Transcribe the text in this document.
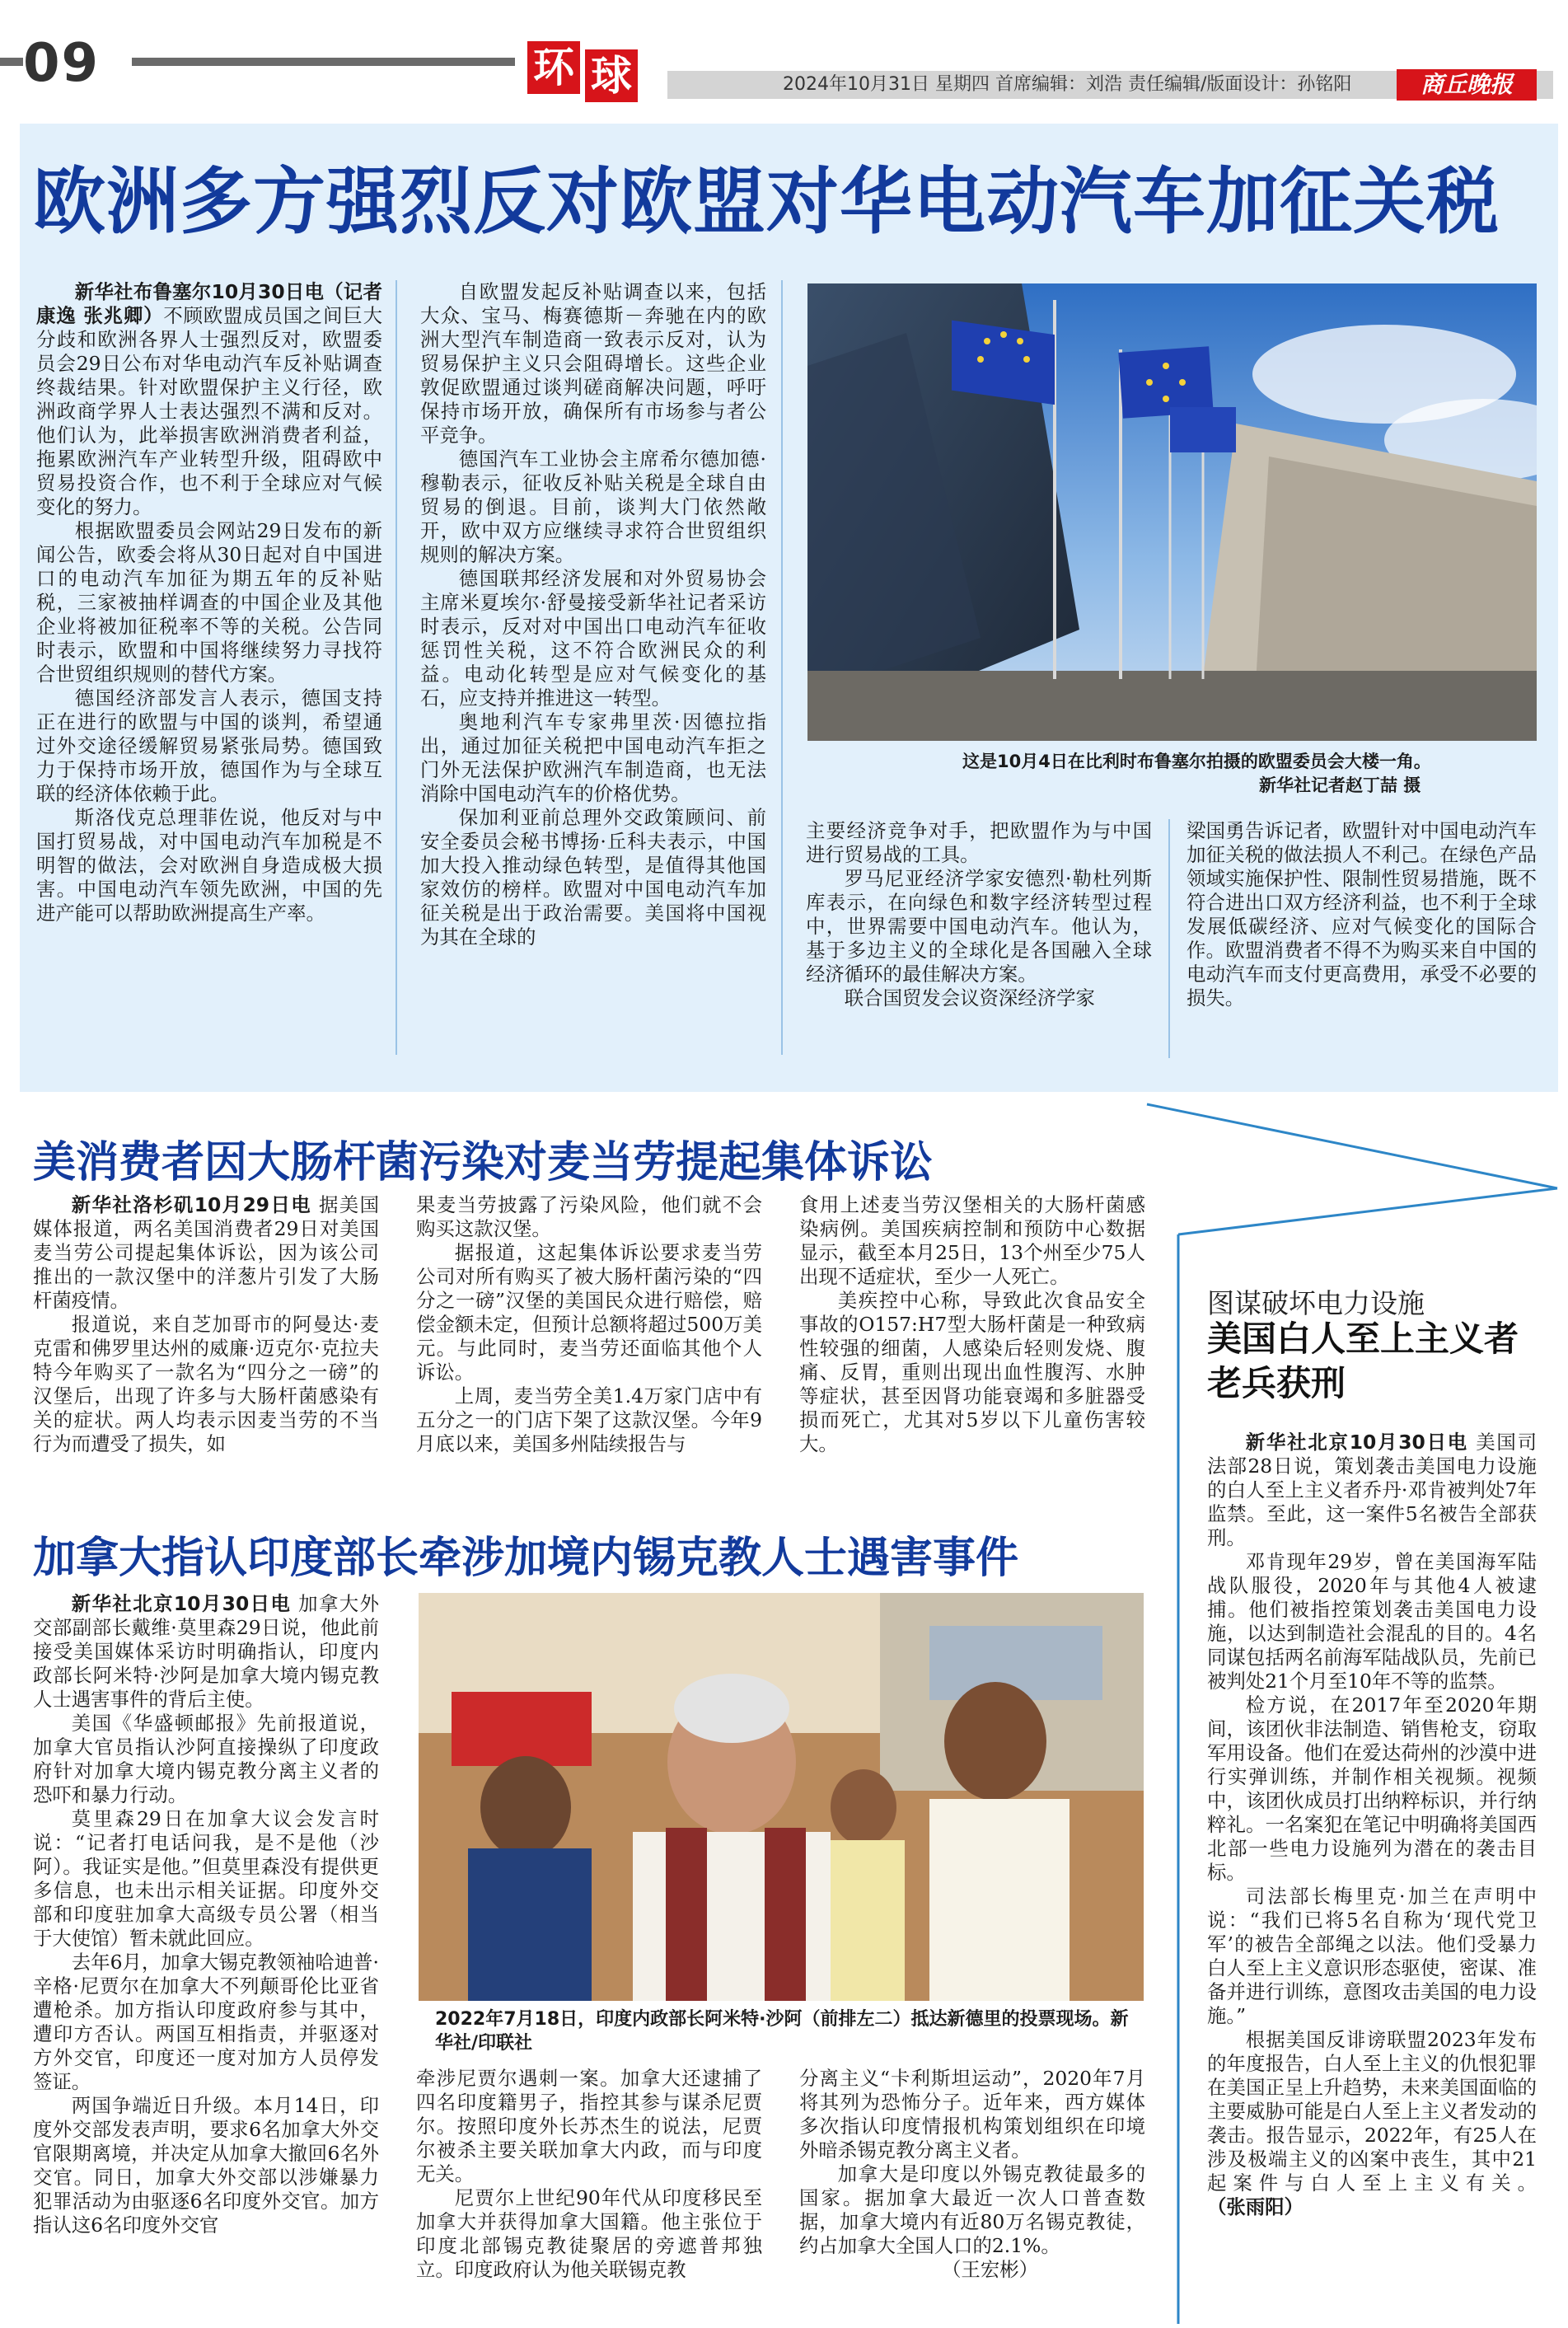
09	环 球	2024年10月31日 星期四 首席编辑：刘浩 责任编辑/版面设计：孙铭阳	商丘晚报
欧洲多方强烈反对欧盟对华电动汽车加征关税

新华社布鲁塞尔10月30日电（记者康逸 张兆卿）不顾欧盟成员国之间巨大分歧和欧洲各界人士强烈反对，欧盟委员会29日公布对华电动汽车反补贴调查终裁结果。针对欧盟保护主义行径，欧洲政商学界人士表达强烈不满和反对。他们认为，此举损害欧洲消费者利益，拖累欧洲汽车产业转型升级，阻碍欧中贸易投资合作，也不利于全球应对气候变化的努力。

根据欧盟委员会网站29日发布的新闻公告，欧委会将从30日起对自中国进口的电动汽车加征为期五年的反补贴税，三家被抽样调查的中国企业及其他企业将被加征税率不等的关税。公告同时表示，欧盟和中国将继续努力寻找符合世贸组织规则的替代方案。

德国经济部发言人表示，德国支持正在进行的欧盟与中国的谈判，希望通过外交途径缓解贸易紧张局势。德国致力于保持市场开放，德国作为与全球互联的经济体依赖于此。

斯洛伐克总理菲佐说，他反对与中国打贸易战，对中国电动汽车加税是不明智的做法，会对欧洲自身造成极大损害。中国电动汽车领先欧洲，中国的先进产能可以帮助欧洲提高生产率。

自欧盟发起反补贴调查以来，包括大众、宝马、梅赛德斯－奔驰在内的欧洲大型汽车制造商一致表示反对，认为贸易保护主义只会阻碍增长。这些企业敦促欧盟通过谈判磋商解决问题，呼吁保持市场开放，确保所有市场参与者公平竞争。

德国汽车工业协会主席希尔德加德·穆勒表示，征收反补贴关税是全球自由贸易的倒退。目前，谈判大门依然敞开，欧中双方应继续寻求符合世贸组织规则的解决方案。

德国联邦经济发展和对外贸易协会主席米夏埃尔·舒曼接受新华社记者采访时表示，反对对中国出口电动汽车征收惩罚性关税，这不符合欧洲民众的利益。电动化转型是应对气候变化的基石，应支持并推进这一转型。

奥地利汽车专家弗里茨·因德拉指出，通过加征关税把中国电动汽车拒之门外无法保护欧洲汽车制造商，也无法消除中国电动汽车的价格优势。

保加利亚前总理外交政策顾问、前安全委员会秘书博扬·丘科夫表示，中国加大投入推动绿色转型，是值得其他国家效仿的榜样。欧盟对中国电动汽车加征关税是出于政治需要。美国将中国视为其在全球的

这是10月4日在比利时布鲁塞尔拍摄的欧盟委员会大楼一角。
新华社记者赵丁喆 摄

主要经济竞争对手，把欧盟作为与中国进行贸易战的工具。

罗马尼亚经济学家安德烈·勒杜列斯库表示，在向绿色和数字经济转型过程中，世界需要中国电动汽车。他认为，基于多边主义的全球化是各国融入全球经济循环的最佳解决方案。

联合国贸发会议资深经济学家

梁国勇告诉记者，欧盟针对中国电动汽车加征关税的做法损人不利己。在绿色产品领域实施保护性、限制性贸易措施，既不符合进出口双方经济利益，也不利于全球发展低碳经济、应对气候变化的国际合作。欧盟消费者不得不为购买来自中国的电动汽车而支付更高费用，承受不必要的损失。

美消费者因大肠杆菌污染对麦当劳提起集体诉讼

新华社洛杉矶10月29日电 据美国媒体报道，两名美国消费者29日对美国麦当劳公司提起集体诉讼，因为该公司推出的一款汉堡中的洋葱片引发了大肠杆菌疫情。

报道说，来自芝加哥市的阿曼达·麦克雷和佛罗里达州的威廉·迈克尔·克拉夫特今年购买了一款名为“四分之一磅”的汉堡后，出现了许多与大肠杆菌感染有关的症状。两人均表示因麦当劳的不当行为而遭受了损失，如

果麦当劳披露了污染风险，他们就不会购买这款汉堡。

据报道，这起集体诉讼要求麦当劳公司对所有购买了被大肠杆菌污染的“四分之一磅”汉堡的美国民众进行赔偿，赔偿金额未定，但预计总额将超过500万美元。与此同时，麦当劳还面临其他个人诉讼。

上周，麦当劳全美1.4万家门店中有五分之一的门店下架了这款汉堡。今年9月底以来，美国多州陆续报告与

食用上述麦当劳汉堡相关的大肠杆菌感染病例。美国疾病控制和预防中心数据显示，截至本月25日，13个州至少75人出现不适症状，至少一人死亡。

美疾控中心称，导致此次食品安全事故的O157:H7型大肠杆菌是一种致病性较强的细菌，人感染后轻则发烧、腹痛、反胃，重则出现出血性腹泻、水肿等症状，甚至因肾功能衰竭和多脏器受损而死亡，尤其对5岁以下儿童伤害较大。

加拿大指认印度部长牵涉加境内锡克教人士遇害事件

新华社北京10月30日电 加拿大外交部副部长戴维·莫里森29日说，他此前接受美国媒体采访时明确指认，印度内政部长阿米特·沙阿是加拿大境内锡克教人士遇害事件的背后主使。

美国《华盛顿邮报》先前报道说，加拿大官员指认沙阿直接操纵了印度政府针对加拿大境内锡克教分离主义者的恐吓和暴力行动。

莫里森29日在加拿大议会发言时说：“记者打电话问我，是不是他（沙阿）。我证实是他。”但莫里森没有提供更多信息，也未出示相关证据。印度外交部和印度驻加拿大高级专员公署（相当于大使馆）暂未就此回应。

去年6月，加拿大锡克教领袖哈迪普·辛格·尼贾尔在加拿大不列颠哥伦比亚省遭枪杀。加方指认印度政府参与其中，遭印方否认。两国互相指责，并驱逐对方外交官，印度还一度对加方人员停发签证。

两国争端近日升级。本月14日，印度外交部发表声明，要求6名加拿大外交官限期离境，并决定从加拿大撤回6名外交官。同日，加拿大外交部以涉嫌暴力犯罪活动为由驱逐6名印度外交官。加方指认这6名印度外交官

2022年7月18日，印度内政部长阿米特·沙阿（前排左二）抵达新德里的投票现场。新华社/印联社

牵涉尼贾尔遇刺一案。加拿大还逮捕了四名印度籍男子，指控其参与谋杀尼贾尔。按照印度外长苏杰生的说法，尼贾尔被杀主要关联加拿大内政，而与印度无关。

尼贾尔上世纪90年代从印度移民至加拿大并获得加拿大国籍。他主张位于印度北部锡克教徒聚居的旁遮普邦独立。印度政府认为他关联锡克教

分离主义“卡利斯坦运动”，2020年7月将其列为恐怖分子。近年来，西方媒体多次指认印度情报机构策划组织在印境外暗杀锡克教分离主义者。

加拿大是印度以外锡克教徒最多的国家。据加拿大最近一次人口普查数据，加拿大境内有近80万名锡克教徒，约占加拿大全国人口的2.1%。

（王宏彬）
图谋破坏电力设施
美国白人至上主义者
老兵获刑

新华社北京10月30日电 美国司法部28日说，策划袭击美国电力设施的白人至上主义者乔丹·邓肯被判处7年监禁。至此，这一案件5名被告全部获刑。

邓肯现年29岁，曾在美国海军陆战队服役，2020年与其他4人被逮捕。他们被指控策划袭击美国电力设施，以达到制造社会混乱的目的。4名同谋包括两名前海军陆战队员，先前已被判处21个月至10年不等的监禁。

检方说，在2017年至2020年期间，该团伙非法制造、销售枪支，窃取军用设备。他们在爱达荷州的沙漠中进行实弹训练，并制作相关视频。视频中，该团伙成员打出纳粹标识，并行纳粹礼。一名案犯在笔记中明确将美国西北部一些电力设施列为潜在的袭击目标。

司法部长梅里克·加兰在声明中说：“我们已将5名自称为‘现代党卫军’的被告全部绳之以法。他们受暴力白人至上主义意识形态驱使，密谋、准备并进行训练，意图攻击美国的电力设施。”

根据美国反诽谤联盟2023年发布的年度报告，白人至上主义的仇恨犯罪在美国正呈上升趋势，未来美国面临的主要威胁可能是白人至上主义者发动的袭击。报告显示，2022年，有25人在涉及极端主义的凶案中丧生，其中21起案件与白人至上主义有关。（张雨阳）
